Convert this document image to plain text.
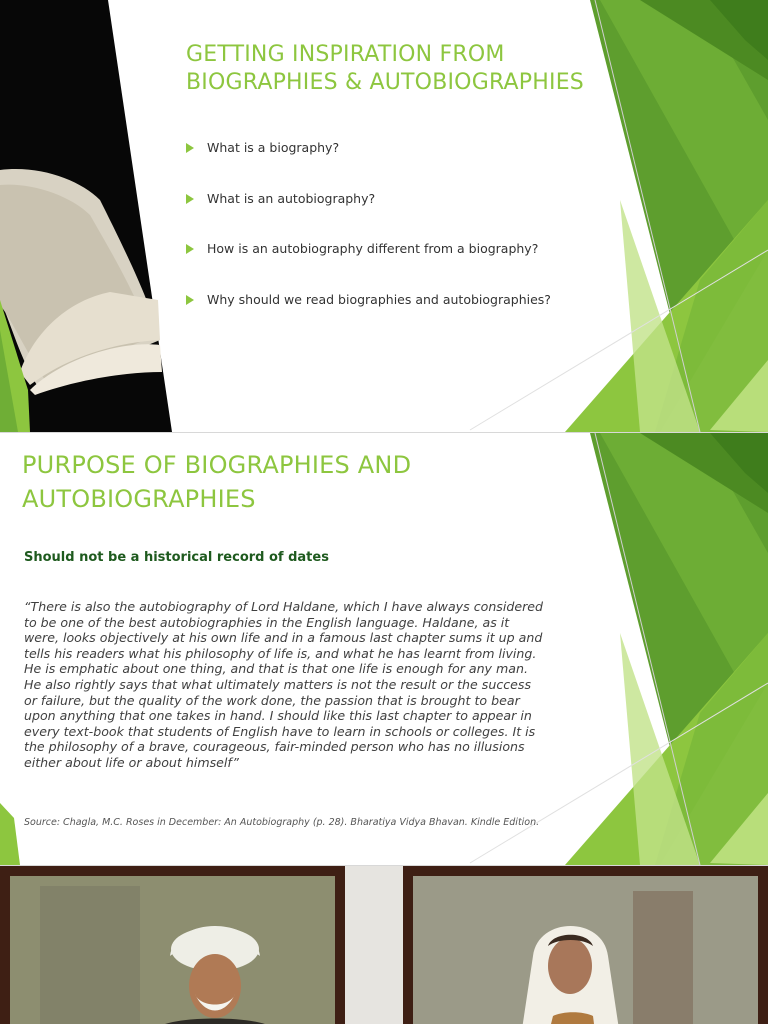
GETTING INSPIRATION FROM
BIOGRAPHIES & AUTOBIOGRAPHIES
What is a biography?
What is an autobiography?
How is an autobiography different from a biography?
Why should we read biographies and autobiographies?
PURPOSE OF BIOGRAPHIES AND
AUTOBIOGRAPHIES

Should not be a historical record of dates

“There is also the autobiography of Lord Haldane, which I have always considered to be one of the best autobiographies in the English language. Haldane, as it were, looks objectively at his own life and in a famous last chapter sums it up and tells his readers what his philosophy of life is, and what he has learnt from living. He is emphatic about one thing, and that is that one life is enough for any man. He also rightly says that what ultimately matters is not the result or the success or failure, but the quality of the work done, the passion that is brought to bear upon anything that one takes in hand. I should like this last chapter to appear in every text-book that students of English have to learn in schools or colleges. It is the philosophy of a brave, courageous, fair-minded person who has no illusions either about life or about himself”

Source: Chagla, M.C. Roses in December: An Autobiography (p. 28). Bharatiya Vidya Bhavan. Kindle Edition.
